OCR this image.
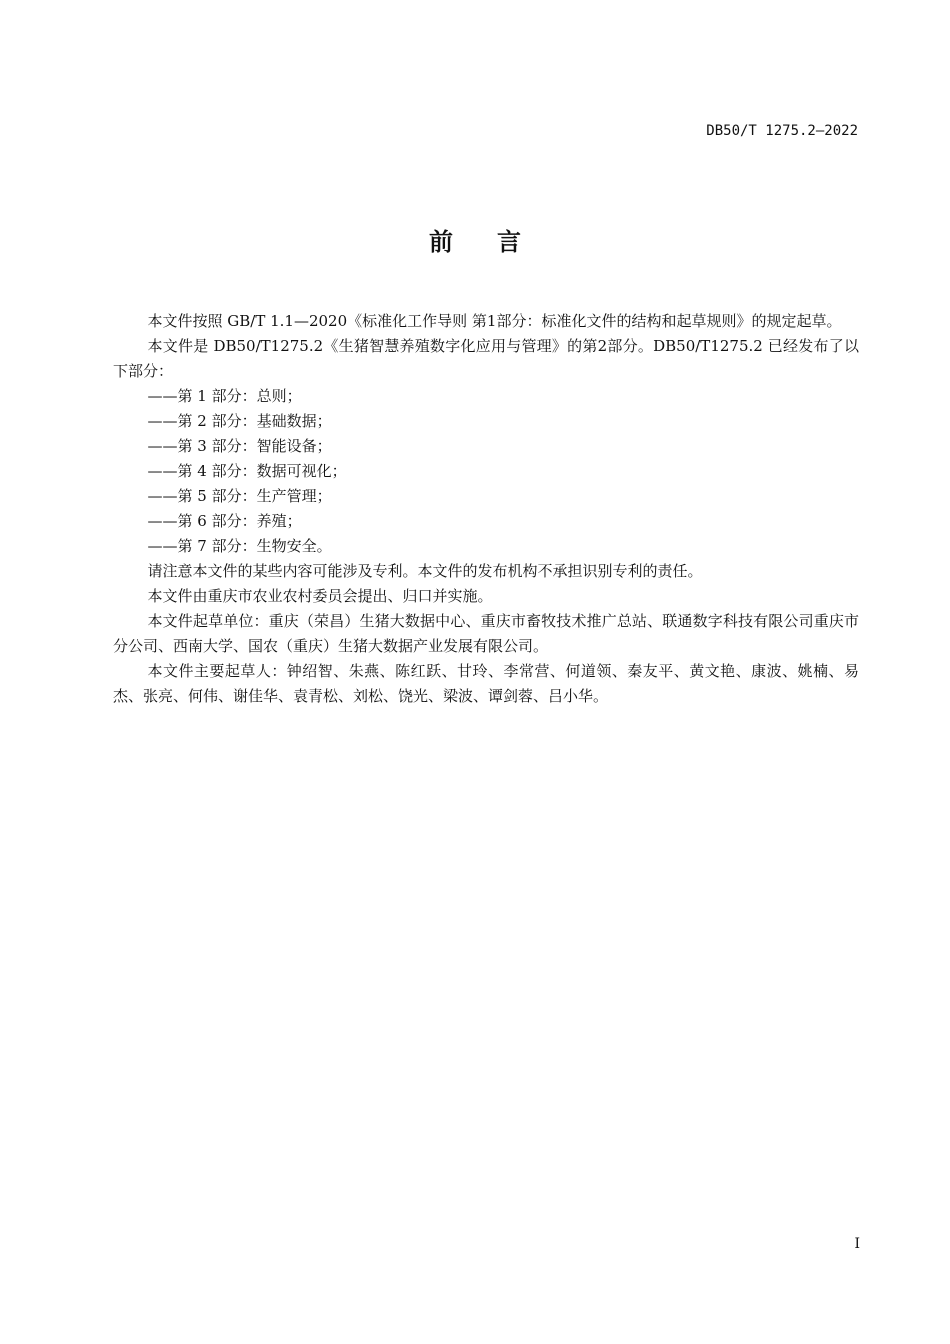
DB50/T 1275.2—2022
前 言

本文件按照 GB/T 1.1—2020《标准化工作导则 第1部分：标准化文件的结构和起草规则》的规定起草。

本文件是 DB50/T1275.2《生猪智慧养殖数字化应用与管理》的第2部分。DB50/T1275.2 已经发布了以下部分：

——第 1 部分：总则；

——第 2 部分：基础数据；

——第 3 部分：智能设备；

——第 4 部分：数据可视化；

——第 5 部分：生产管理；

——第 6 部分：养殖；

——第 7 部分：生物安全。

请注意本文件的某些内容可能涉及专利。本文件的发布机构不承担识别专利的责任。

本文件由重庆市农业农村委员会提出、归口并实施。

本文件起草单位：重庆（荣昌）生猪大数据中心、重庆市畜牧技术推广总站、联通数字科技有限公司重庆市分公司、西南大学、国农（重庆）生猪大数据产业发展有限公司。

本文件主要起草人：钟绍智、朱燕、陈红跃、甘玲、李常营、何道领、秦友平、黄文艳、康波、姚楠、易杰、张亮、何伟、谢佳华、袁青松、刘松、饶光、梁波、谭剑蓉、吕小华。

I
